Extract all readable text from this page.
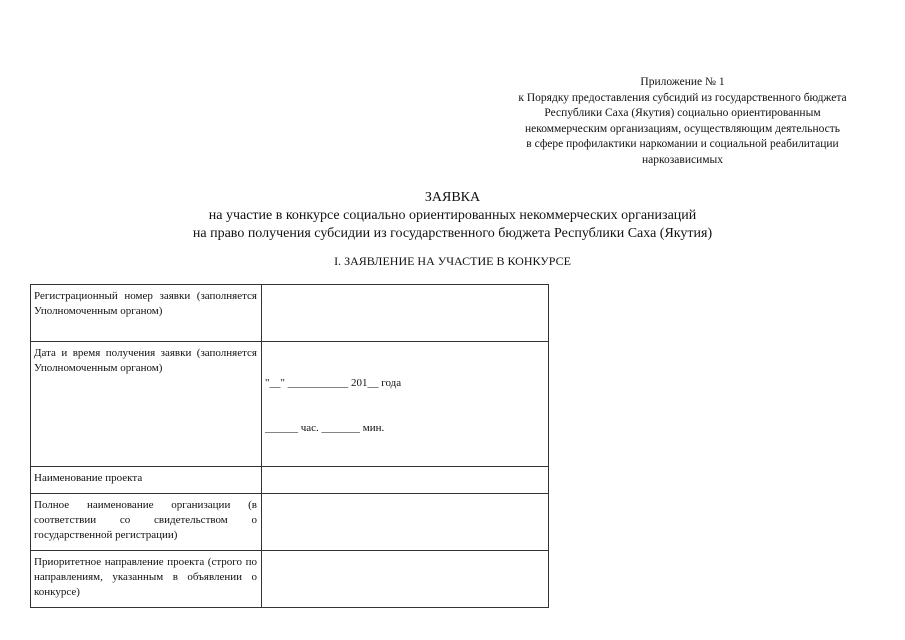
Приложение № 1
к Порядку предоставления субсидий из государственного бюджета
Республики Саха (Якутия) социально ориентированным
некоммерческим организациям, осуществляющим деятельность
в сфере профилактики наркомании и социальной реабилитации
наркозависимых
ЗАЯВКА
на участие в конкурсе социально ориентированных некоммерческих организаций
на право получения субсидии из государственного бюджета Республики Саха (Якутия)
I. ЗАЯВЛЕНИЕ НА УЧАСТИЕ В КОНКУРСЕ
Регистрационный номер заявки (заполняется Уполномоченным органом)	
Дата и время получения заявки (заполняется Уполномоченным органом)	"__" ___________ 201__ года

______ час. _______ мин.

Наименование проекта	
Полное наименование организации (в соответствии со свидетельством о государственной регистрации)	
Приоритетное направление проекта (строго по направлениям, указанным в объявлении о конкурсе)	
